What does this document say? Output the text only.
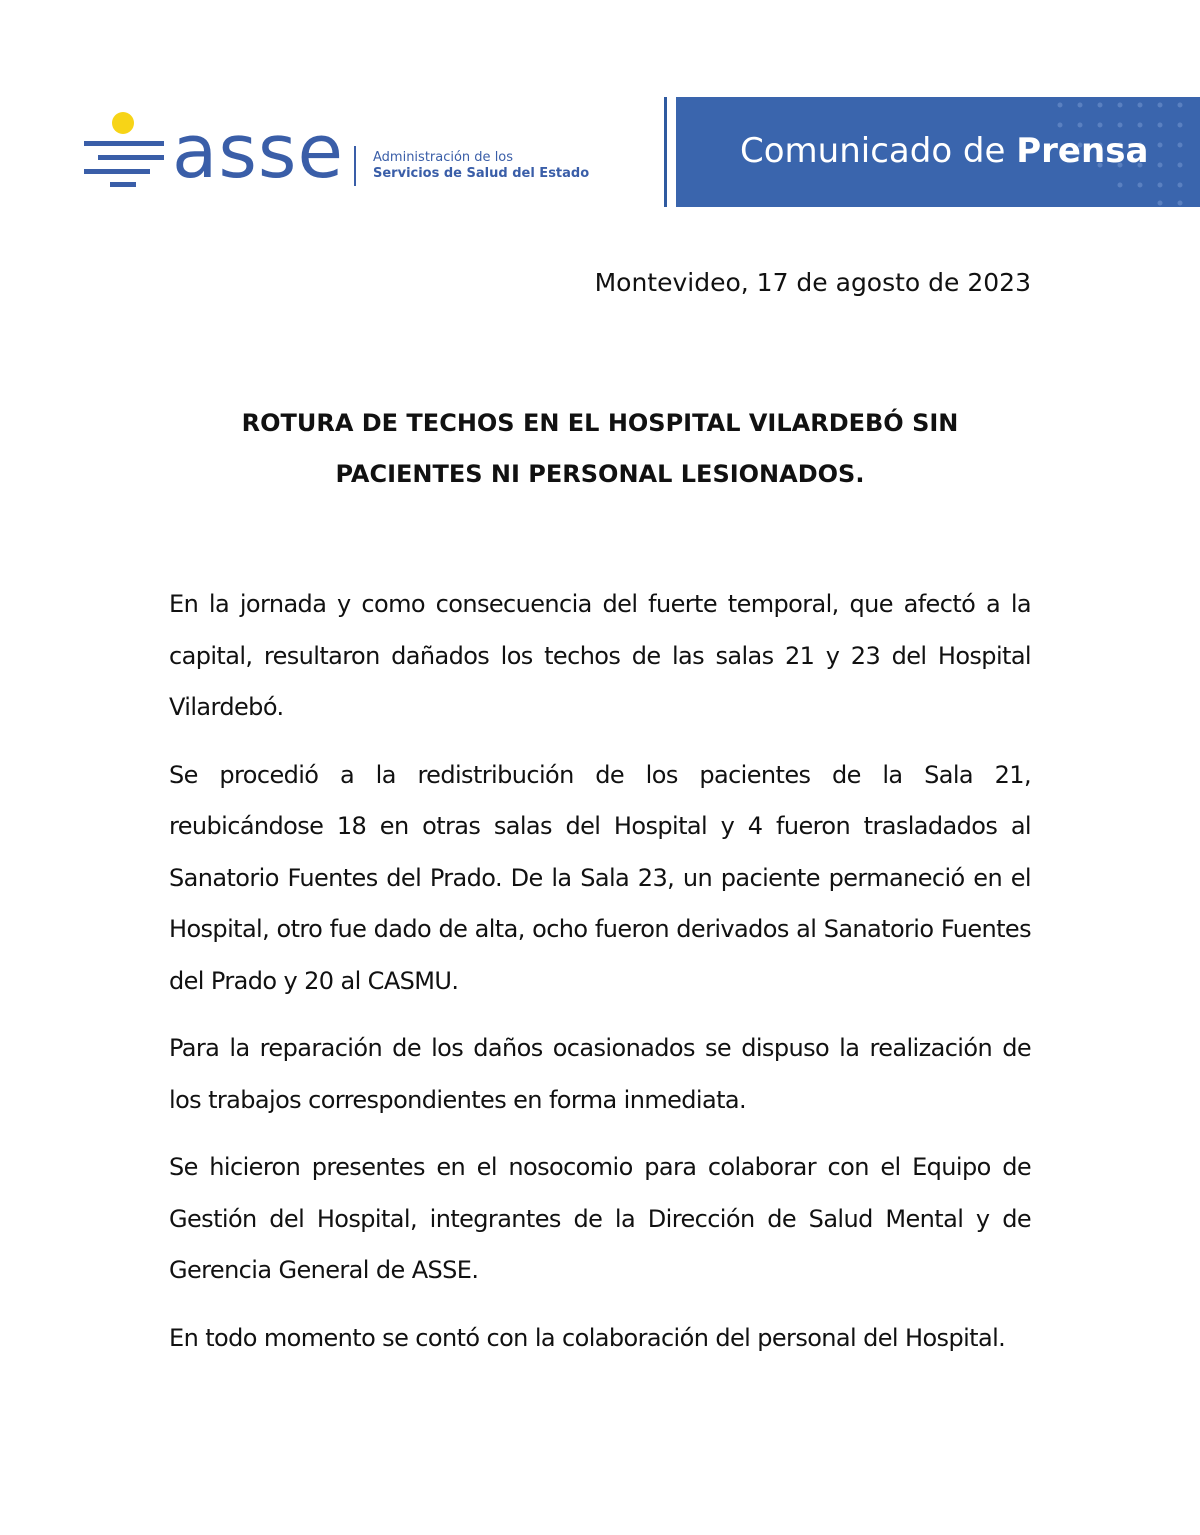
asse Administración de los
Servicios de Salud del Estado
Comunicado de Prensa
Montevideo, 17 de agosto de 2023
ROTURA DE TECHOS EN EL HOSPITAL VILARDEBÓ SIN
PACIENTES NI PERSONAL LESIONADOS.

En la jornada y como consecuencia del fuerte temporal, que afectó a la capital, resultaron dañados los techos de las salas 21 y 23 del Hospital Vilardebó.

Se procedió a la redistribución de los pacientes de la Sala 21, reubicándose 18 en otras salas del Hospital y 4 fueron trasladados al Sanatorio Fuentes del Prado. De la Sala 23, un paciente permaneció en el Hospital, otro fue dado de alta, ocho fueron derivados al Sanatorio Fuentes del Prado y 20 al CASMU.

Para la reparación de los daños ocasionados se dispuso la realización de los trabajos correspondientes en forma inmediata.

Se hicieron presentes en el nosocomio para colaborar con el Equipo de Gestión del Hospital, integrantes de la Dirección de Salud Mental y de Gerencia General de ASSE.

En todo momento se contó con la colaboración del personal del Hospital.
